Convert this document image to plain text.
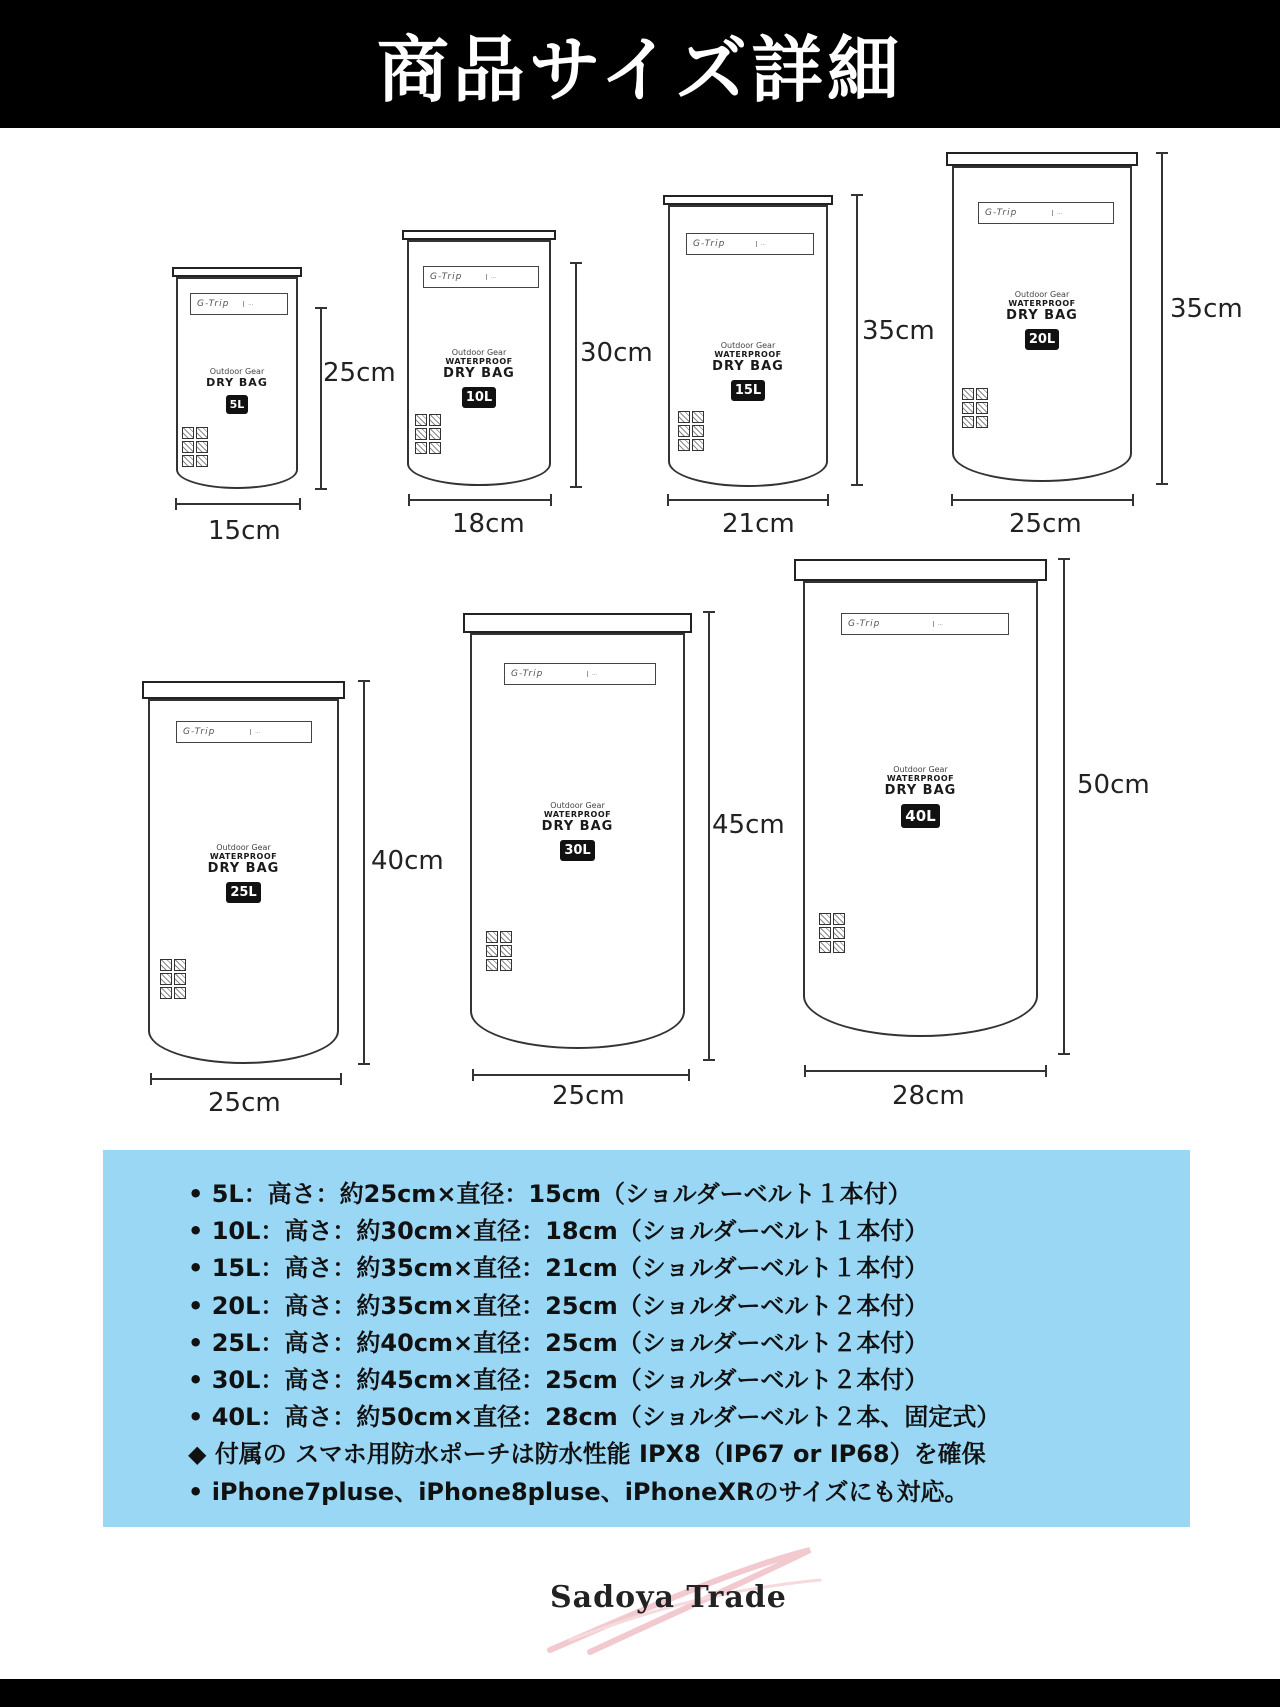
商品サイズ詳細
G-Trip	…
Outdoor Gear
DRY BAG
5L
25cm
15cm
G-Trip	…
Outdoor Gear
WATERPROOF
DRY BAG
10L
30cm
18cm
G-Trip	…
Outdoor Gear
WATERPROOF
DRY BAG
15L
35cm
21cm
G-Trip	…
Outdoor Gear
WATERPROOF
DRY BAG
20L
35cm
25cm
G-Trip	…
Outdoor Gear
WATERPROOF
DRY BAG
25L
40cm
25cm
G-Trip	…
Outdoor Gear
WATERPROOF
DRY BAG
30L
45cm
25cm
G-Trip	…
Outdoor Gear
WATERPROOF
DRY BAG
40L
50cm
28cm
• 5L：高さ：約25cm×直径：15cm（ショルダーベルト１本付）
• 10L：高さ：約30cm×直径：18cm（ショルダーベルト１本付）
• 15L：高さ：約35cm×直径：21cm（ショルダーベルト１本付）
• 20L：高さ：約35cm×直径：25cm（ショルダーベルト２本付）
• 25L：高さ：約40cm×直径：25cm（ショルダーベルト２本付）
• 30L：高さ：約45cm×直径：25cm（ショルダーベルト２本付）
• 40L：高さ：約50cm×直径：28cm（ショルダーベルト２本、固定式）
◆ 付属の スマホ用防水ポーチは防水性能 IPX8（IP67 or IP68）を確保
• iPhone7pluse、iPhone8pluse、iPhoneXRのサイズにも対応。
Sadoya Trade
